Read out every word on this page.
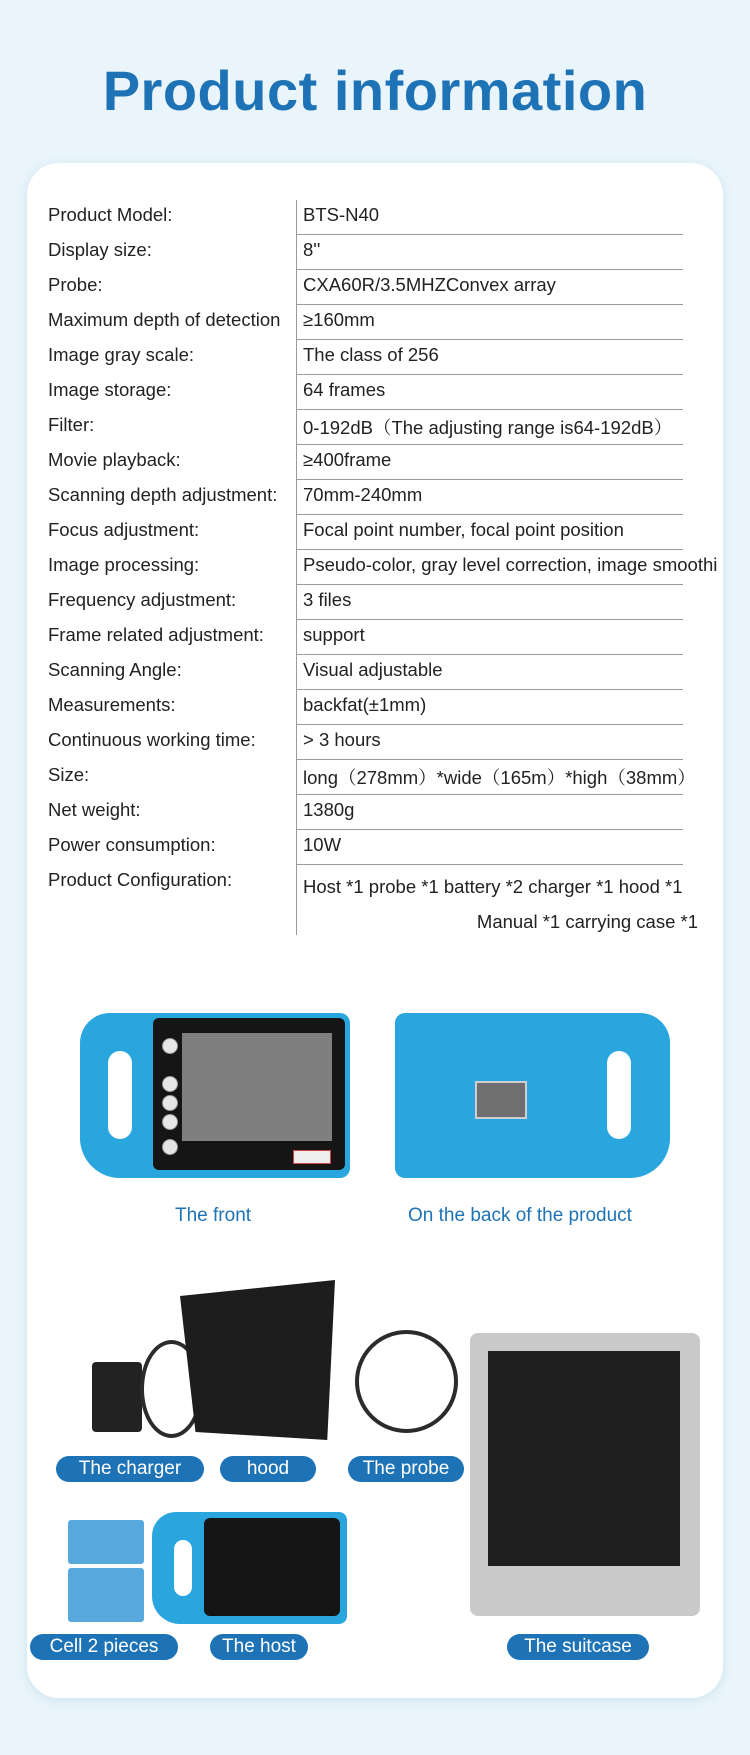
Product information
Product Model:	BTS-N40
Display size:	8''
Probe:	CXA60R/3.5MHZConvex array
Maximum depth of detection ≥160mm
Image gray scale:	The class of 256
Image storage:	64 frames
Filter:	0-192dB（The adjusting range is64-192dB）
Movie playback:	≥400frame
Scanning depth adjustment: 70mm-240mm
Focus adjustment:	Focal point number, focal point position
Image processing:	Pseudo-color, gray level correction, image smoothi
Frequency adjustment:	3 files
Frame related adjustment: support
Scanning Angle:	Visual adjustable
Measurements:	backfat(±1mm)
Continuous working time:	> 3 hours
Size:	long（278mm）*wide（165m）*high（38mm）
Net weight:	1380g
Power consumption:	10W
Product Configuration:	Host *1 probe *1 battery *2 charger *1 hood *1
Manual *1 carrying case *1
The front	On the back of the product
The charger	hood	The probe
Cell 2 pieces	The host	The suitcase
